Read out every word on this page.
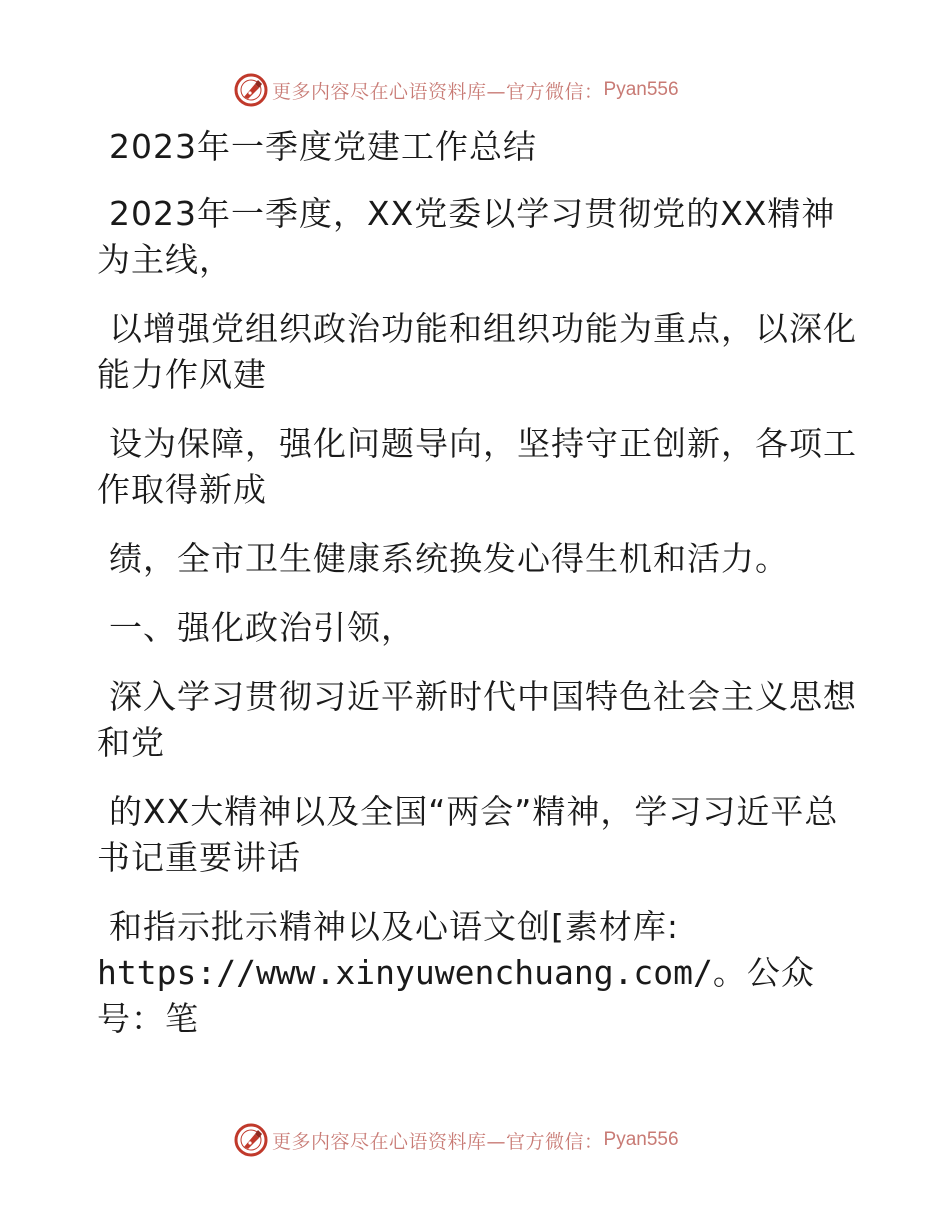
更多内容尽在心语资料库—官方微信： Pyan556

2023年一季度党建工作总结

2023年一季度，XX党委以学习贯彻党的XX精神为主线，

以增强党组织政治功能和组织功能为重点，以深化能力作风建

设为保障，强化问题导向，坚持守正创新，各项工作取得新成

绩，全市卫生健康系统换发心得生机和活力。

一、强化政治引领，

深入学习贯彻习近平新时代中国特色社会主义思想和党

的XX大精神以及全国“两会”精神，学习习近平总书记重要讲话

和指示批示精神以及心语文创[素材库:
https://www.xinyuwenchuang.com/。公众号：笔

更多内容尽在心语资料库—官方微信： Pyan556
